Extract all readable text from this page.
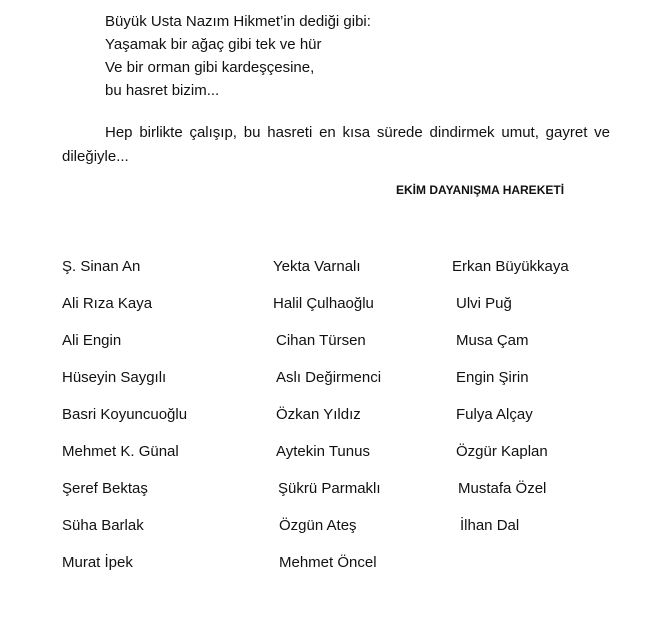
Büyük Usta Nazım Hikmet’in dediği gibi:
Yaşamak bir ağaç gibi tek ve hür
Ve bir orman gibi kardeşçesine,
bu hasret bizim...
Hep birlikte çalışıp, bu hasreti en kısa sürede dindirmek umut, gayret ve dileğiyle...
EKİM DAYANIŞMA HAREKETİ
Ş. Sinan An
Ali Rıza Kaya
Ali Engin
Hüseyin Saygılı
Basri Koyuncuoğlu
Mehmet K. Günal
Şeref Bektaş
Süha Barlak
Murat İpek
Yekta Varnalı
Halil Çulhaoğlu
Cihan Türsen
Aslı Değirmenci
Özkan Yıldız
Aytekin Tunus
Şükrü Parmaklı
Özgün Ateş
Mehmet Öncel
Erkan Büyükkaya
Ulvi Puğ
Musa Çam
Engin Şirin
Fulya Alçay
Özgür Kaplan
Mustafa Özel
İlhan Dal
